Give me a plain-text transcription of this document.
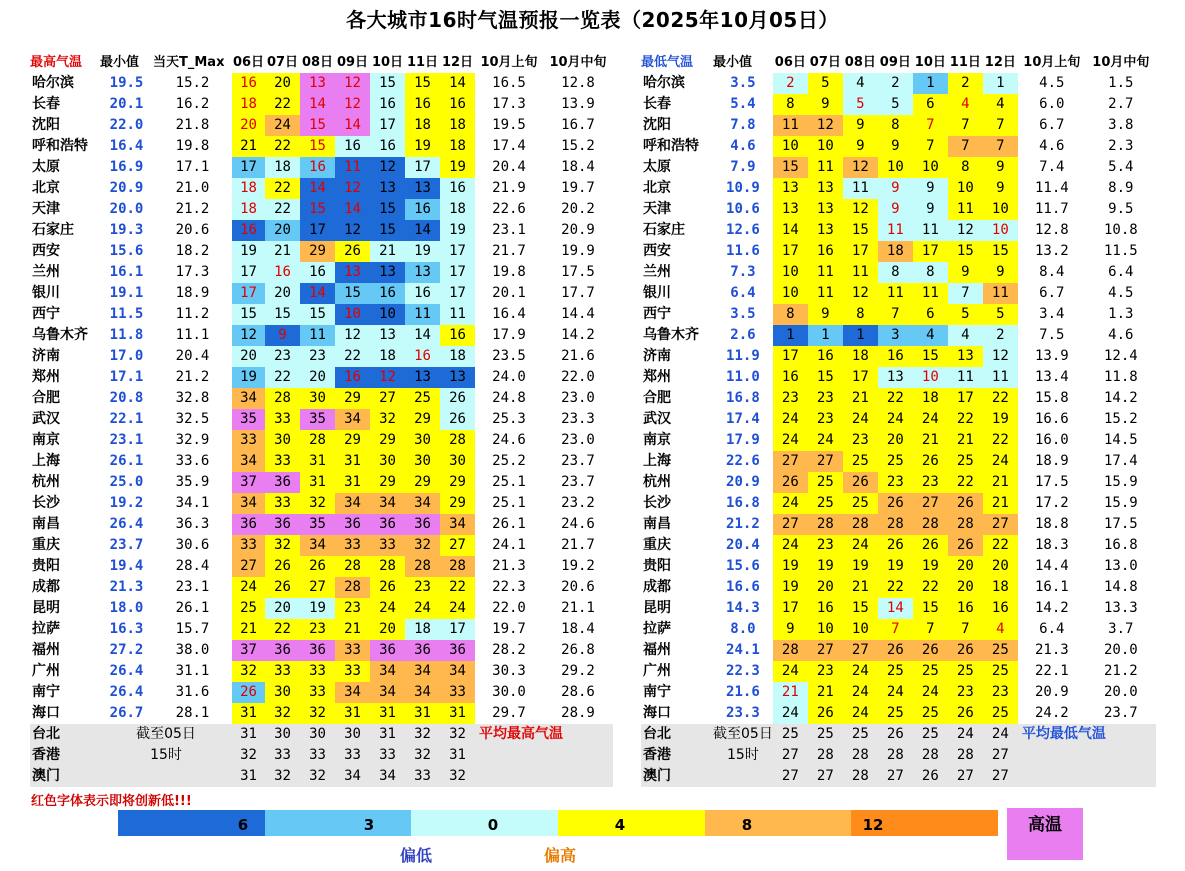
各大城市16时气温预报一览表（2025年10月05日）
最高气温	最小值	当天T_Max	06日	07日	08日	09日	10日	11日	12日	10月上旬	10月中旬
哈尔滨	19.5	15.2	16	20	13	12	15	15	14	16.5	12.8
长春	20.1	16.2	18	22	14	12	16	16	16	17.3	13.9
沈阳	22.0	21.8	20	24	15	14	17	18	18	19.5	16.7
呼和浩特	16.4	19.8	21	22	15	16	16	19	18	17.4	15.2
太原	16.9	17.1	17	18	16	11	12	17	19	20.4	18.4
北京	20.9	21.0	18	22	14	12	13	13	16	21.9	19.7
天津	20.0	21.2	18	22	15	14	15	16	18	22.6	20.2
石家庄	19.3	20.6	16	20	17	12	15	14	19	23.1	20.9
西安	15.6	18.2	19	21	29	26	21	19	17	21.7	19.9
兰州	16.1	17.3	17	16	16	13	13	13	17	19.8	17.5
银川	19.1	18.9	17	20	14	15	16	16	17	20.1	17.7
西宁	11.5	11.2	15	15	15	10	10	11	11	16.4	14.4
乌鲁木齐	11.8	11.1	12	9	11	12	13	14	16	17.9	14.2
济南	17.0	20.4	20	23	23	22	18	16	18	23.5	21.6
郑州	17.1	21.2	19	22	20	16	12	13	13	24.0	22.0
合肥	20.8	32.8	34	28	30	29	27	25	26	24.8	23.0
武汉	22.1	32.5	35	33	35	34	32	29	26	25.3	23.3
南京	23.1	32.9	33	30	28	29	29	30	28	24.6	23.0
上海	26.1	33.6	34	33	31	31	30	30	30	25.2	23.7
杭州	25.0	35.9	37	36	31	31	29	29	29	25.1	23.7
长沙	19.2	34.1	34	33	32	34	34	34	29	25.1	23.2
南昌	26.4	36.3	36	36	35	36	36	36	34	26.1	24.6
重庆	23.7	30.6	33	32	34	33	33	32	27	24.1	21.7
贵阳	19.4	28.4	27	26	26	28	28	28	28	21.3	19.2
成都	21.3	23.1	24	26	27	28	26	23	22	22.3	20.6
昆明	18.0	26.1	25	20	19	23	24	24	24	22.0	21.1
拉萨	16.3	15.7	21	22	23	21	20	18	17	19.7	18.4
福州	27.2	38.0	37	36	36	33	36	36	36	28.2	26.8
广州	26.4	31.1	32	33	33	33	34	34	34	30.3	29.2
南宁	26.4	31.6	26	30	33	34	34	34	33	30.0	28.6
海口	26.7	28.1	31	32	32	31	31	31	31	29.7	28.9
台北	截至05日		31	30	30	30	31	32	32	平均最高气温	
香港	15时		32	33	33	33	33	32	31		
澳门			31	32	32	34	34	33	32		
最低气温	最小值	06日	07日	08日	09日	10日	11日	12日	10月上旬	10月中旬
哈尔滨	3.5	2	5	4	2	1	2	1	4.5	1.5
长春	5.4	8	9	5	5	6	4	4	6.0	2.7
沈阳	7.8	11	12	9	8	7	7	7	6.7	3.8
呼和浩特	4.6	10	10	9	9	7	7	7	4.6	2.3
太原	7.9	15	11	12	10	10	8	9	7.4	5.4
北京	10.9	13	13	11	9	9	10	9	11.4	8.9
天津	10.6	13	13	12	9	9	11	10	11.7	9.5
石家庄	12.6	14	13	15	11	11	12	10	12.8	10.8
西安	11.6	17	16	17	18	17	15	15	13.2	11.5
兰州	7.3	10	11	11	8	8	9	9	8.4	6.4
银川	6.4	10	11	12	11	11	7	11	6.7	4.5
西宁	3.5	8	9	8	7	6	5	5	3.4	1.3
乌鲁木齐	2.6	1	1	1	3	4	4	2	7.5	4.6
济南	11.9	17	16	18	16	15	13	12	13.9	12.4
郑州	11.0	16	15	17	13	10	11	11	13.4	11.8
合肥	16.8	23	23	21	22	18	17	22	15.8	14.2
武汉	17.4	24	23	24	24	24	22	19	16.6	15.2
南京	17.9	24	24	23	20	21	21	22	16.0	14.5
上海	22.6	27	27	25	25	26	25	24	18.9	17.4
杭州	20.9	26	25	26	23	23	22	21	17.5	15.9
长沙	16.8	24	25	25	26	27	26	21	17.2	15.9
南昌	21.2	27	28	28	28	28	28	27	18.8	17.5
重庆	20.4	24	23	24	26	26	26	22	18.3	16.8
贵阳	15.6	19	19	19	19	19	20	20	14.4	13.0
成都	16.6	19	20	21	22	22	20	18	16.1	14.8
昆明	14.3	17	16	15	14	15	16	16	14.2	13.3
拉萨	8.0	9	10	10	7	7	7	4	6.4	3.7
福州	24.1	28	27	27	26	26	26	25	21.3	20.0
广州	22.3	24	23	24	25	25	25	25	22.1	21.2
南宁	21.6	21	21	24	24	24	23	23	20.9	20.0
海口	23.3	24	26	24	25	25	26	25	24.2	23.7
台北	截至05日	25	25	25	26	25	24	24	平均最低气温	
香港	15时	27	28	28	28	28	28	27		
澳门		27	27	28	27	26	27	27		
红色字体表示即将创新低!!!
6	3	0	4	8	12	高温
偏低	偏高
